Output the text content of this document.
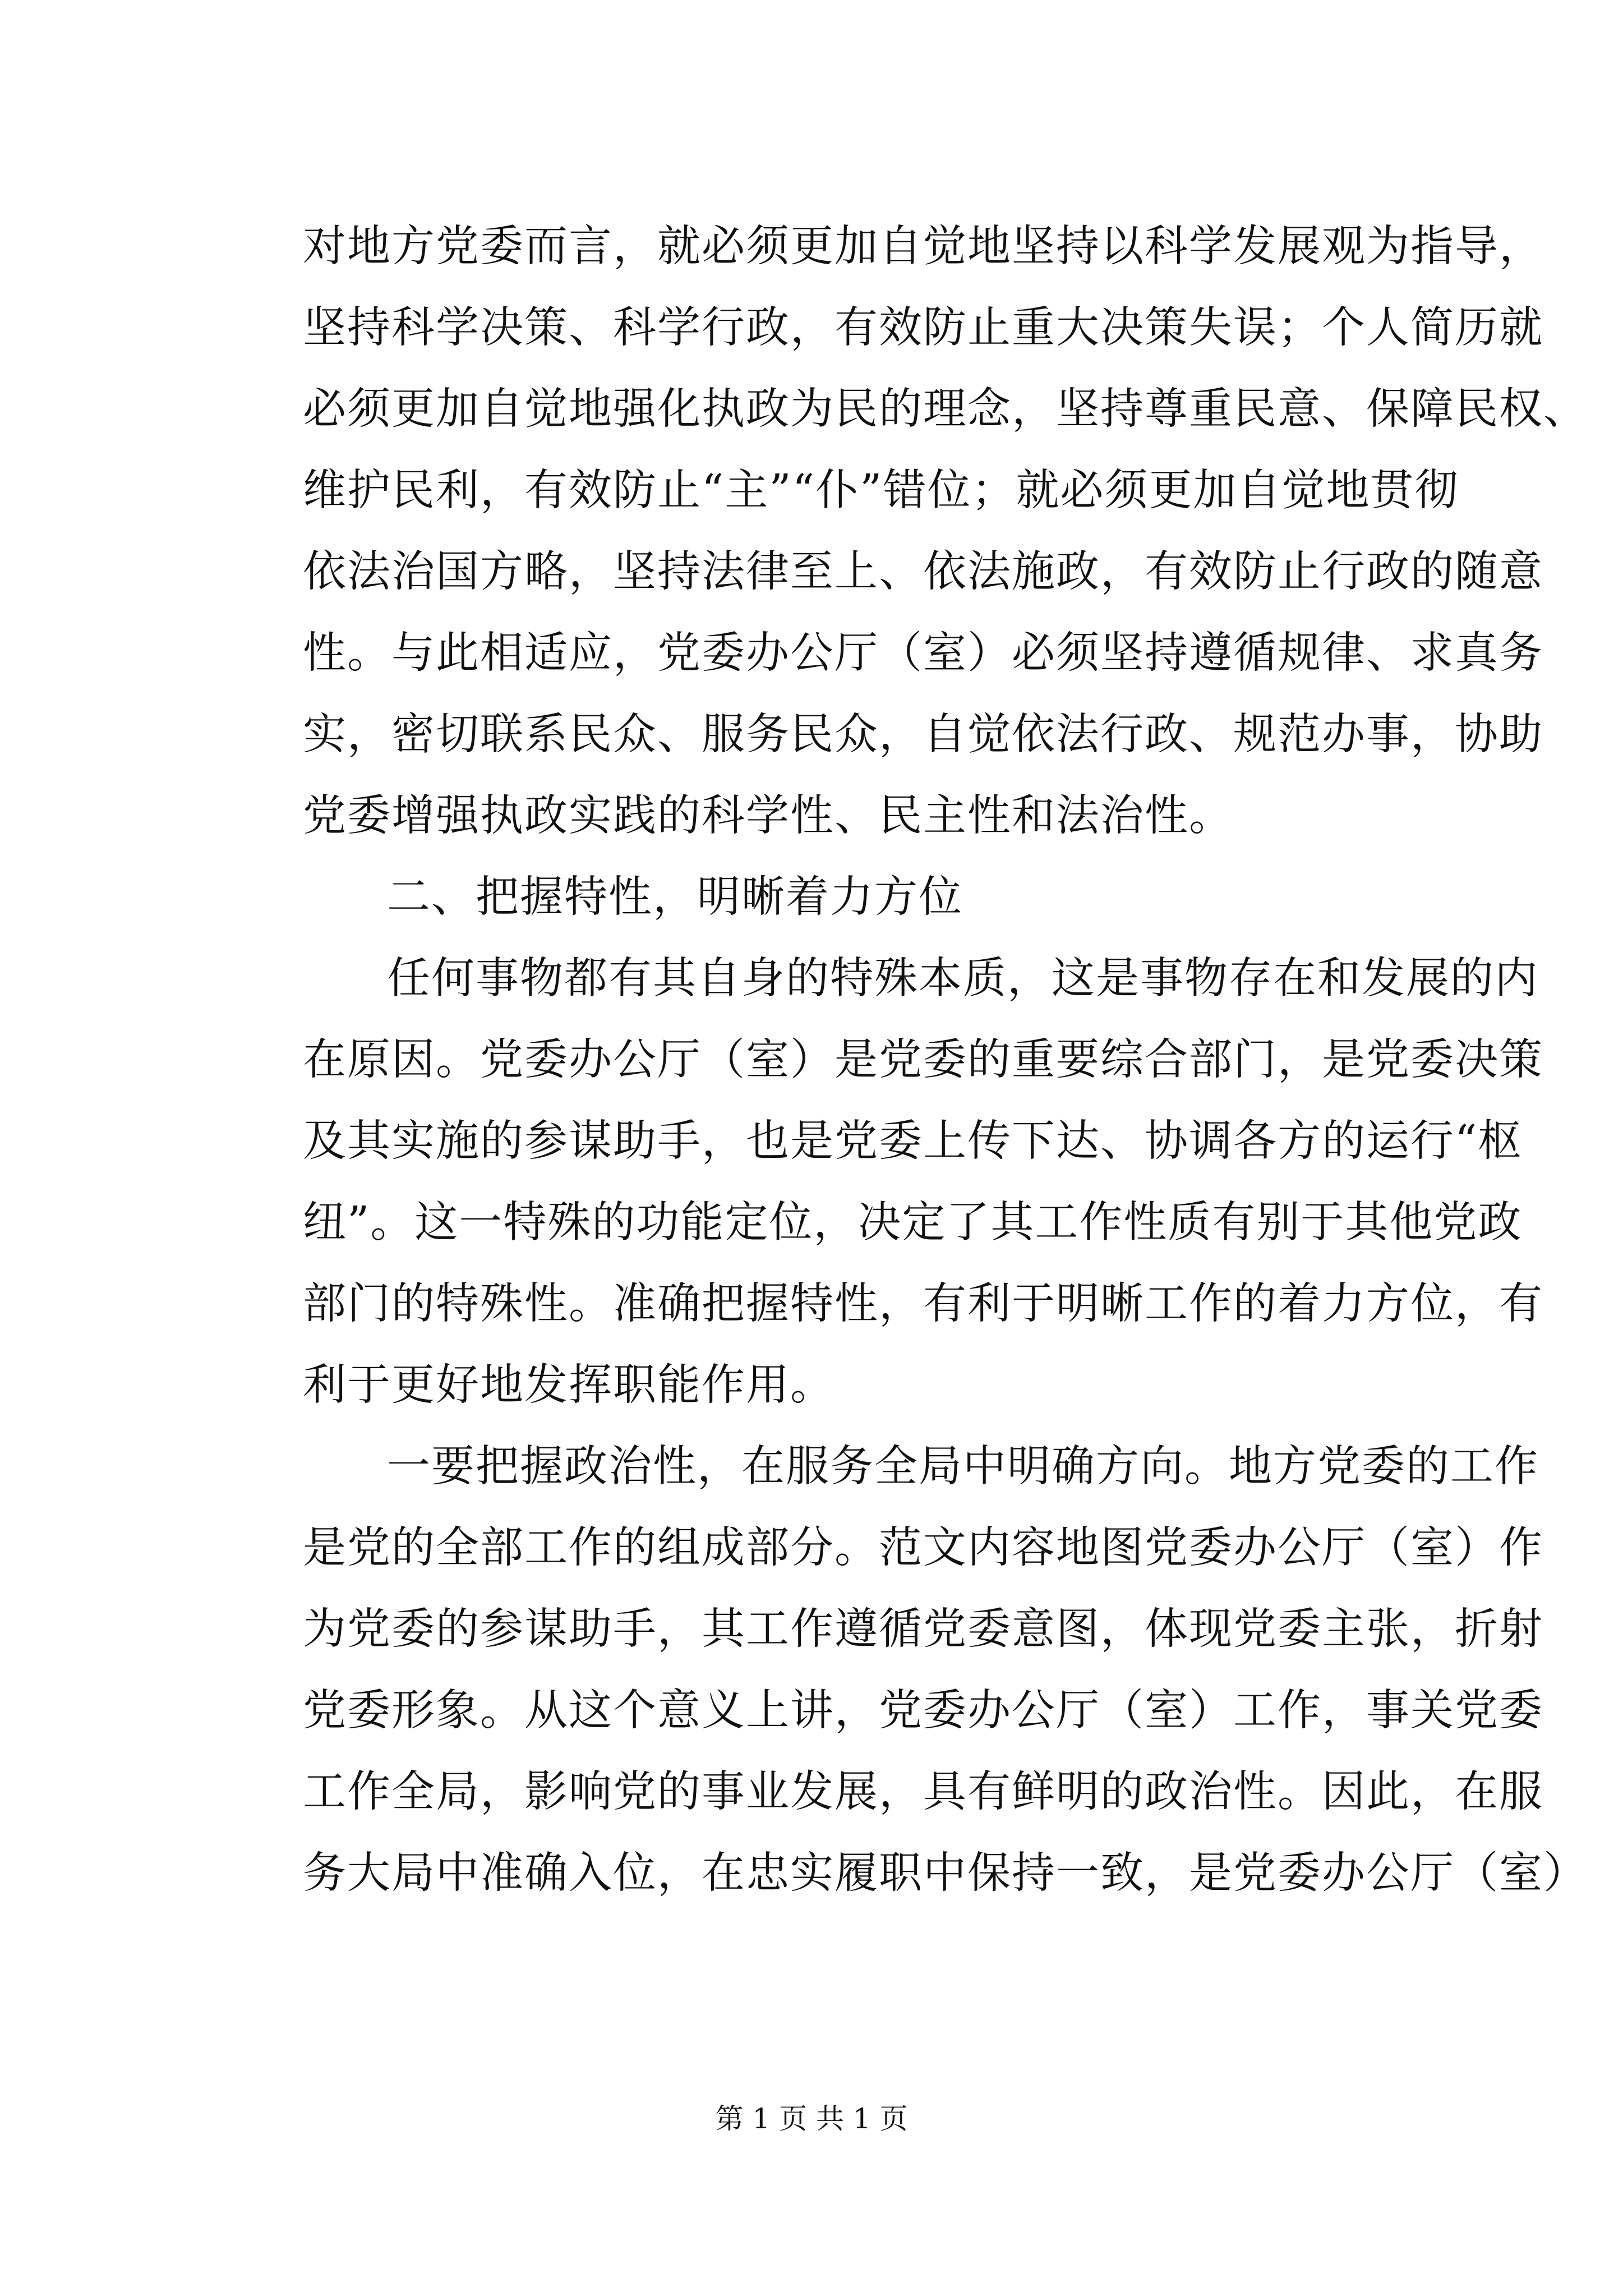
对地方党委而言，就必须更加自觉地坚持以科学发展观为指导，

坚持科学决策、科学行政，有效防止重大决策失误；个人简历就

必须更加自觉地强化执政为民的理念，坚持尊重民意、保障民权、

维护民利，有效防止“主”“仆”错位；就必须更加自觉地贯彻

依法治国方略，坚持法律至上、依法施政，有效防止行政的随意

性。与此相适应，党委办公厅（室）必须坚持遵循规律、求真务

实，密切联系民众、服务民众，自觉依法行政、规范办事，协助

党委增强执政实践的科学性、民主性和法治性。

二、把握特性，明晰着力方位

任何事物都有其自身的特殊本质，这是事物存在和发展的内

在原因。党委办公厅（室）是党委的重要综合部门，是党委决策

及其实施的参谋助手，也是党委上传下达、协调各方的运行“枢

纽”。这一特殊的功能定位，决定了其工作性质有别于其他党政

部门的特殊性。准确把握特性，有利于明晰工作的着力方位，有

利于更好地发挥职能作用。

一要把握政治性，在服务全局中明确方向。地方党委的工作

是党的全部工作的组成部分。范文内容地图党委办公厅（室）作

为党委的参谋助手，其工作遵循党委意图，体现党委主张，折射

党委形象。从这个意义上讲，党委办公厅（室）工作，事关党委

工作全局，影响党的事业发展，具有鲜明的政治性。因此，在服

务大局中准确入位，在忠实履职中保持一致，是党委办公厅（室）

第 1 页 共 1 页
